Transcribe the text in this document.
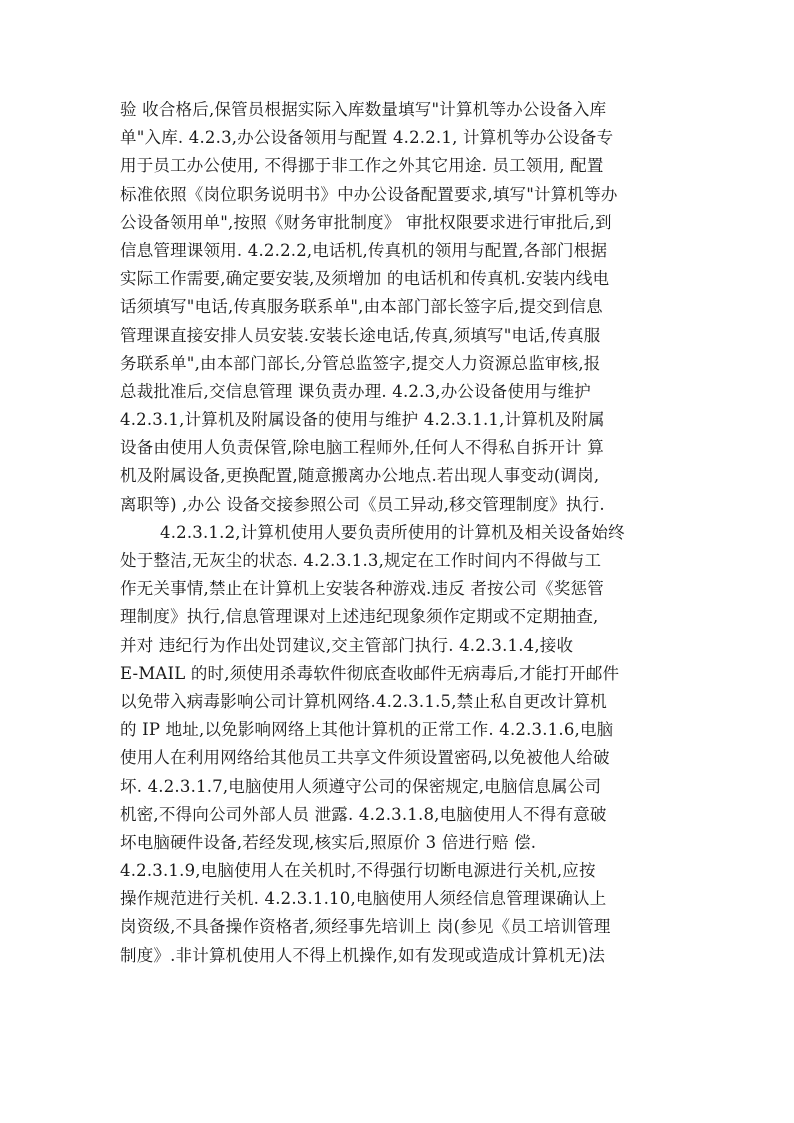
验 收合格后,保管员根据实际入库数量填写"计算机等办公设备入库
单"入库. 4.2.3,办公设备领用与配置 4.2.2.1, 计算机等办公设备专
用于员工办公使用, 不得挪于非工作之外其它用途. 员工领用, 配置
标准依照《岗位职务说明书》中办公设备配置要求,填写"计算机等办
公设备领用单",按照《财务审批制度》 审批权限要求进行审批后,到
信息管理课领用. 4.2.2.2,电话机,传真机的领用与配置,各部门根据
实际工作需要,确定要安装,及须增加 的电话机和传真机.安装内线电
话须填写"电话,传真服务联系单",由本部门部长签字后,提交到信息
管理课直接安排人员安装.安装长途电话,传真,须填写"电话,传真服
务联系单",由本部门部长,分管总监签字,提交人力资源总监审核,报
总裁批准后,交信息管理 课负责办理. 4.2.3,办公设备使用与维护
4.2.3.1,计算机及附属设备的使用与维护 4.2.3.1.1,计算机及附属
设备由使用人负责保管,除电脑工程师外,任何人不得私自拆开计 算
机及附属设备,更换配置,随意搬离办公地点.若出现人事变动(调岗,
离职等) ,办公 设备交接参照公司《员工异动,移交管理制度》执行.
4.2.3.1.2,计算机使用人要负责所使用的计算机及相关设备始终
处于整洁,无灰尘的状态. 4.2.3.1.3,规定在工作时间内不得做与工
作无关事情,禁止在计算机上安装各种游戏.违反 者按公司《奖惩管
理制度》执行,信息管理课对上述违纪现象须作定期或不定期抽查,
并对 违纪行为作出处罚建议,交主管部门执行. 4.2.3.1.4,接收
E-MAIL 的时,须使用杀毒软件彻底查收邮件无病毒后,才能打开邮件
以免带入病毒影响公司计算机网络.4.2.3.1.5,禁止私自更改计算机
的 IP 地址,以免影响网络上其他计算机的正常工作. 4.2.3.1.6,电脑
使用人在利用网络给其他员工共享文件须设置密码,以免被他人给破
坏. 4.2.3.1.7,电脑使用人须遵守公司的保密规定,电脑信息属公司
机密,不得向公司外部人员 泄露. 4.2.3.1.8,电脑使用人不得有意破
坏电脑硬件设备,若经发现,核实后,照原价 3 倍进行赔 偿.
4.2.3.1.9,电脑使用人在关机时,不得强行切断电源进行关机,应按
操作规范进行关机. 4.2.3.1.10,电脑使用人须经信息管理课确认上
岗资级,不具备操作资格者,须经事先培训上 岗(参见《员工培训管理
制度》.非计算机使用人不得上机操作,如有发现或造成计算机无)法
